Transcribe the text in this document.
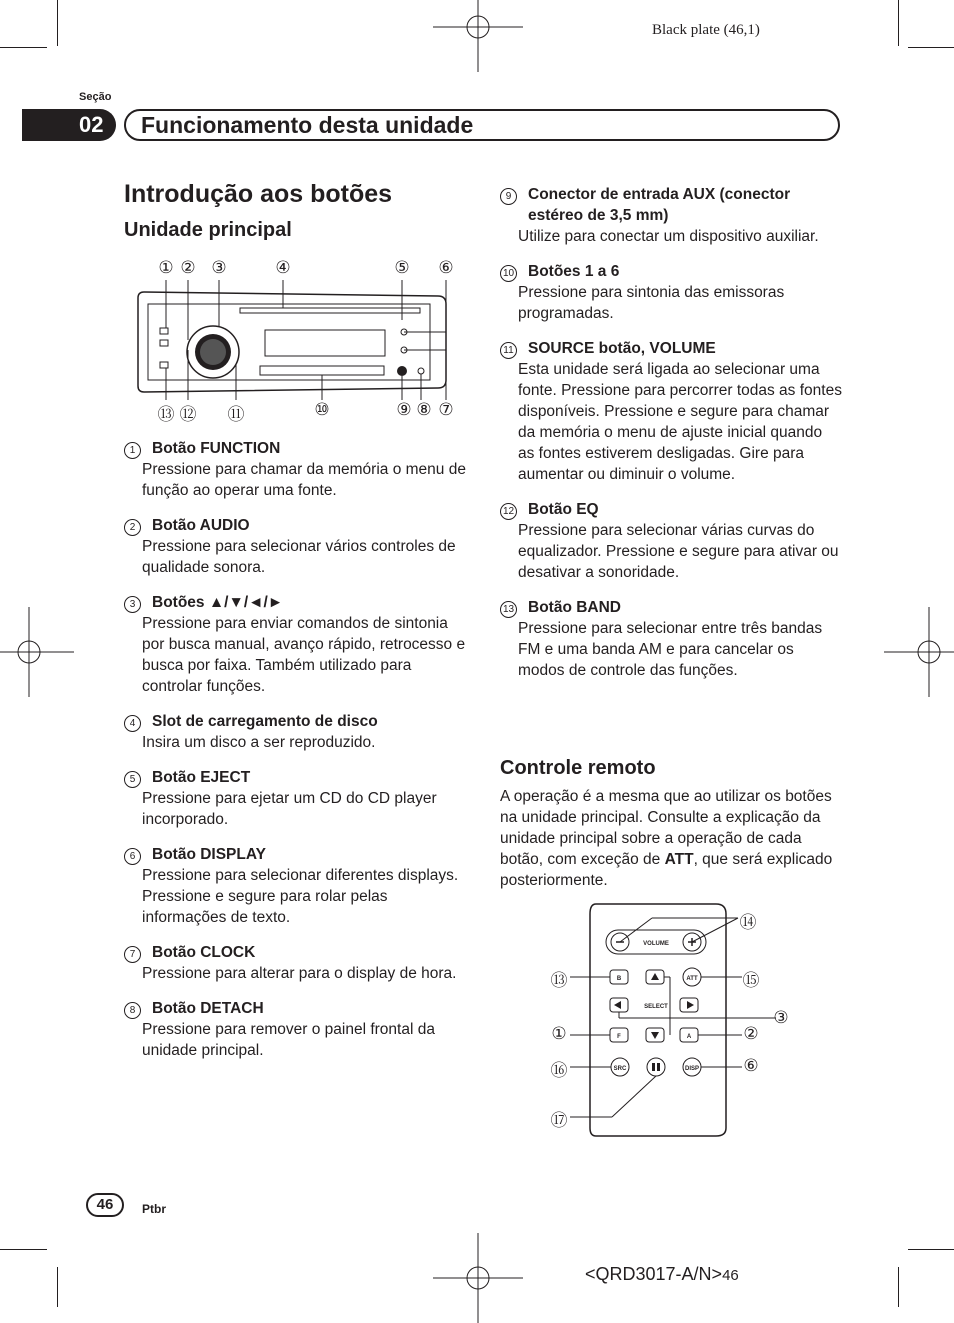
Black plate (46,1)
Seção
02	Funcionamento desta unidade
Introdução aos botões
Unidade principal
① ② ③	④	⑤ ⑥
⑬ ⑫ ⑪	⑩	⑨ ⑧ ⑦
1	Botão FUNCTION
Pressione para chamar da memória o menu de função ao operar uma fonte.
2	Botão AUDIO
Pressione para selecionar vários controles de qualidade sonora.
3	Botões ▲/▼/◄/►
Pressione para enviar comandos de sintonia por busca manual, avanço rápido, retrocesso e busca por faixa. Também utilizado para controlar funções.
4	Slot de carregamento de disco
Insira um disco a ser reproduzido.
5	Botão EJECT
Pressione para ejetar um CD do CD player incorporado.
6	Botão DISPLAY
Pressione para selecionar diferentes displays. Pressione e segure para rolar pelas informações de texto.
7	Botão CLOCK
Pressione para alterar para o display de hora.
8	Botão DETACH
Pressione para remover o painel frontal da unidade principal.
9	Conector de entrada AUX (conector estéreo de 3,5 mm)
Utilize para conectar um dispositivo auxiliar.
10 Botões 1 a 6
Pressione para sintonia das emissoras programadas.
11 SOURCE botão, VOLUME
Esta unidade será ligada ao selecionar uma fonte. Pressione para percorrer todas as fontes disponíveis. Pressione e segure para chamar da memória o menu de ajuste inicial quando as fontes estiverem desligadas. Gire para aumentar ou diminuir o volume.
12 Botão EQ
Pressione para selecionar várias curvas do equalizador. Pressione e segure para ativar ou desativar a sonoridade.
13 Botão BAND
Pressione para selecionar entre três bandas FM e uma banda AM e para cancelar os modos de controle das funções.
Controle remoto
A operação é a mesma que ao utilizar os botões na unidade principal. Consulte a explicação da unidade principal sobre a operação de cada botão, com exceção de ATT, que será explicado posteriormente.
VOLUME
SELECT
B	ATT
F	A
SRC	DISP
⑭
⑬	⑮
③
①	②
⑯	⑥
⑰
46	Ptbr
<QRD3017-A/N>46
